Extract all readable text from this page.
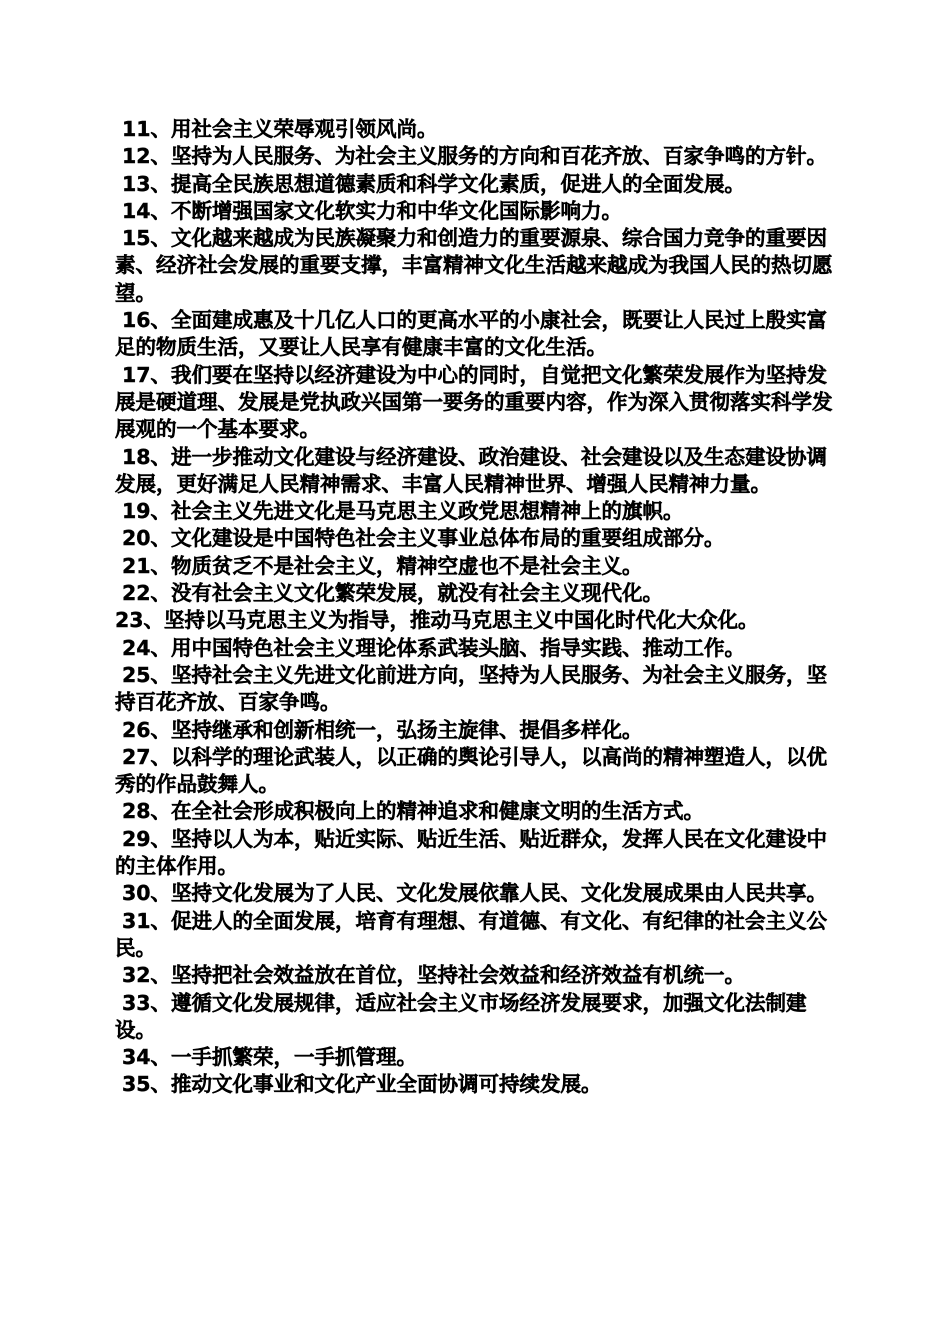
11、用社会主义荣辱观引领风尚。

12、坚持为人民服务、为社会主义服务的方向和百花齐放、百家争鸣的方针。

13、提高全民族思想道德素质和科学文化素质，促进人的全面发展。

14、不断增强国家文化软实力和中华文化国际影响力。

15、文化越来越成为民族凝聚力和创造力的重要源泉、综合国力竞争的重要因素、经济社会发展的重要支撑，丰富精神文化生活越来越成为我国人民的热切愿望。

16、全面建成惠及十几亿人口的更高水平的小康社会，既要让人民过上殷实富足的物质生活，又要让人民享有健康丰富的文化生活。

17、我们要在坚持以经济建设为中心的同时，自觉把文化繁荣发展作为坚持发展是硬道理、发展是党执政兴国第一要务的重要内容，作为深入贯彻落实科学发展观的一个基本要求。

18、进一步推动文化建设与经济建设、政治建设、社会建设以及生态建设协调发展，更好满足人民精神需求、丰富人民精神世界、增强人民精神力量。

19、社会主义先进文化是马克思主义政党思想精神上的旗帜。

20、文化建设是中国特色社会主义事业总体布局的重要组成部分。

21、物质贫乏不是社会主义，精神空虚也不是社会主义。

22、没有社会主义文化繁荣发展，就没有社会主义现代化。

23、坚持以马克思主义为指导，推动马克思主义中国化时代化大众化。

24、用中国特色社会主义理论体系武装头脑、指导实践、推动工作。

25、坚持社会主义先进文化前进方向，坚持为人民服务、为社会主义服务，坚持百花齐放、百家争鸣。

26、坚持继承和创新相统一，弘扬主旋律、提倡多样化。

27、以科学的理论武装人，以正确的舆论引导人，以高尚的精神塑造人，以优秀的作品鼓舞人。

28、在全社会形成积极向上的精神追求和健康文明的生活方式。

29、坚持以人为本，贴近实际、贴近生活、贴近群众，发挥人民在文化建设中的主体作用。

30、坚持文化发展为了人民、文化发展依靠人民、文化发展成果由人民共享。

31、促进人的全面发展，培育有理想、有道德、有文化、有纪律的社会主义公民。

32、坚持把社会效益放在首位，坚持社会效益和经济效益有机统一。

33、遵循文化发展规律，适应社会主义市场经济发展要求，加强文化法制建设。

34、一手抓繁荣，一手抓管理。

35、推动文化事业和文化产业全面协调可持续发展。
